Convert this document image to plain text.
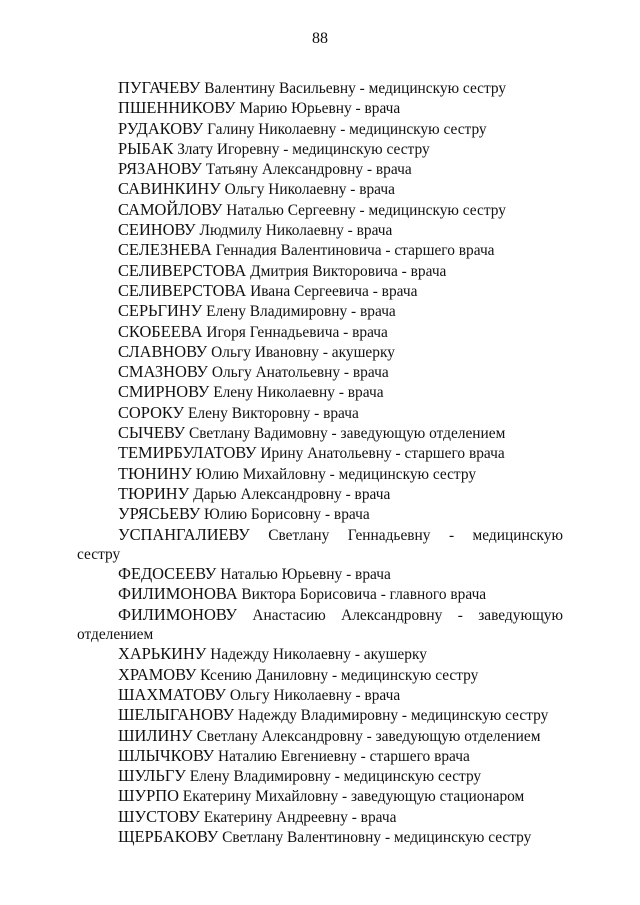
88
ПУГАЧЕВУ Валентину Васильевну - медицинскую сестру
ПШЕННИКОВУ Марию Юрьевну - врача
РУДАКОВУ Галину Николаевну - медицинскую сестру
РЫБАК Злату Игоревну - медицинскую сестру
РЯЗАНОВУ Татьяну Александровну - врача
САВИНКИНУ Ольгу Николаевну - врача
САМОЙЛОВУ Наталью Сергеевну - медицинскую сестру
СЕИНОВУ Людмилу Николаевну - врача
СЕЛЕЗНЕВА Геннадия Валентиновича - старшего врача
СЕЛИВЕРСТОВА Дмитрия Викторовича - врача
СЕЛИВЕРСТОВА Ивана Сергеевича - врача
СЕРЬГИНУ Елену Владимировну - врача
СКОБЕЕВА Игоря Геннадьевича - врача
СЛАВНОВУ Ольгу Ивановну - акушерку
СМАЗНОВУ Ольгу Анатольевну - врача
СМИРНОВУ Елену Николаевну - врача
СОРОКУ Елену Викторовну - врача
СЫЧЕВУ Светлану Вадимовну - заведующую отделением
ТЕМИРБУЛАТОВУ Ирину Анатольевну - старшего врача
ТЮНИНУ Юлию Михайловну - медицинскую сестру
ТЮРИНУ Дарью Александровну - врача
УРЯСЬЕВУ Юлию Борисовну - врача
УСПАНГАЛИЕВУ Светлану Геннадьевну - медицинскую
сестру
ФЕДОСЕЕВУ Наталью Юрьевну - врача
ФИЛИМОНОВА Виктора Борисовича - главного врача
ФИЛИМОНОВУ Анастасию Александровну - заведующую
отделением
ХАРЬКИНУ Надежду Николаевну - акушерку
ХРАМОВУ Ксению Даниловну - медицинскую сестру
ШАХМАТОВУ Ольгу Николаевну - врача
ШЕЛЫГАНОВУ Надежду Владимировну - медицинскую сестру
ШИЛИНУ Светлану Александровну - заведующую отделением
ШЛЫЧКОВУ Наталию Евгениевну - старшего врача
ШУЛЬГУ Елену Владимировну - медицинскую сестру
ШУРПО Екатерину Михайловну - заведующую стационаром
ШУСТОВУ Екатерину Андреевну - врача
ЩЕРБАКОВУ Светлану Валентиновну - медицинскую сестру
